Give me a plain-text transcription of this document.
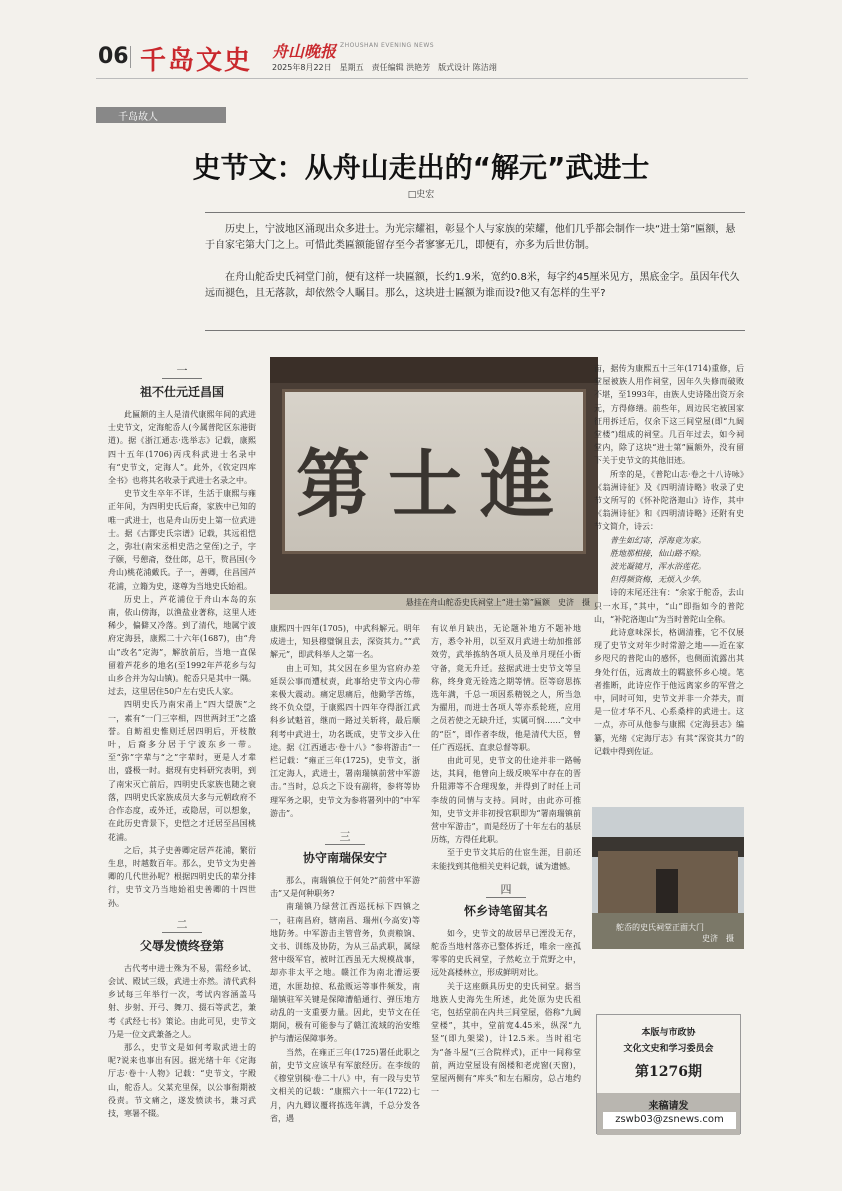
06 千岛文史 舟山晚报 ZHOUSHAN EVENING NEWS
2025年8月22日　星期五　责任编辑 洪艳芳　版式设计 陈洁翊
千岛故人
史节文：从舟山走出的“解元”武进士
□史宏

历史上，宁波地区涌现出众多进士。为光宗耀祖，彰显个人与家族的荣耀，他们几乎都会制作一块“进士第”匾额，悬于自家宅第大门之上。可惜此类匾额能留存至今者寥寥无几，即便有，亦多为后世仿制。

在舟山舵岙史氏祠堂门前，便有这样一块匾额，长约1.9米，宽约0.8米，每字约45厘米见方，黑底金字。虽因年代久远而褪色，且无落款，却依然令人瞩目。那么，这块进士匾额为谁而设?他又有怎样的生平?

一
祖不仕元迁昌国

此匾额的主人是清代康熙年间的武进士史节文，定海舵岙人(今属普陀区东港街道)。据《浙江通志·选举志》记载，康熙四十五年(1706)丙戌科武进士名录中有“史节文，定海人”。此外，《钦定四库全书》也将其名收录于武进士名录之中。

史节文生卒年不详，生活于康熙与雍正年间，为四明史氏后裔，家族中已知的唯一武进士，也是舟山历史上第一位武进士。据《古鄮史氏宗谱》记载，其远祖恺之，弥壮(南宋丞相史浩之堂侄)之子，字子颐，号憩斋，登仕郎，总干，赘昌国(今舟山)桃花浦戴氏。子一，善卿，住昌国芦花浦，立籍为史，遂尊为当地史氏始祖。

历史上，芦花浦位于舟山本岛的东南，依山傍海，以渔盐业著称，这里人迹稀少，偏僻又冷落。到了清代，地属宁波府定海县，康熙二十六年(1687)，由“舟山”改名“定海”，解放前后，当地一直保留着芦花乡的地名(至1992年芦花乡与勾山乡合并为勾山镇)。舵岙只是其中一隅。过去，这里居住50户左右史氏人家。

四明史氏乃南宋甬上“四大望族”之一，素有“一门三宰相，四世两封王”之盛誉。自鲂祖史惟则迁居四明后，开枝散叶，后裔多分居于宁波东乡一带。至“弥”字辈与“之”字辈时，更是人才辈出，盛极一时。据现有史料研究表明，到了南宋灭亡前后，四明史氏家族也随之衰落，四明史氏家族成员大多与元朝政府不合作态度，或外迁，或隐居，可以想象，在此历史背景下，史恺之才迁居至昌国桃花浦。

之后，其子史善卿定居芦花浦，繁衍生息，时越数百年。那么，史节文为史善卿的几代世孙呢？根据四明史氏的辈分排行，史节文乃当地始祖史善卿的十四世孙。

二
父辱发愤终登第

古代考中进士殊为不易，需经乡试、会试、殿试三级，武进士亦然。清代武科乡试每三年举行一次，考试内容涵盖马射、步射、开弓、舞刀、掇石等武艺，兼考《武经七书》策论。由此可见，史节文乃是一位文武兼备之人。

那么，史节文是如何考取武进士的呢?说来也事出有因。据光绪十年《定海厅志·卷十·人物》记载：“史节文，字殿山，舵岙人。父某充里保，以公事衔期被役责。节文痛之，遂发愤读书，兼习武技，寒暑不辍。

第士進
悬挂在舟山舵岙史氏祠堂上“进士第”匾额　史济　摄

康熙四十四年(1705)，中武科解元。明年成进士，知县穆璧铜且去，深资其力。”“武解元”，即武科举人之第一名。

由上可知，其父因在乡里为官府办差延误公事而遭杖责，此事给史节文内心带来极大震动。痛定思痛后，他勤学苦练，终不负众望，于康熙四十四年夺得浙江武科乡试魁首，继而一路过关斩将，最后顺利考中武进士，功名既成，史节文步入仕途。据《江西通志·卷十八》“参将游击”一栏记载：“雍正三年(1725)，史节文，浙江定海人，武进士，署南瑞镇前营中军游击。”当时，总兵之下设有副将，参将等协理军务之职，史节文为参将署列中的“中军游击”。

三
协守南瑞保安宁

那么，南瑞镇位于何处?“前营中军游击”又是何种职务?

南瑞镇乃绿营江西巡抚标下四镇之一，驻南昌府，辖南昌、瑞州(今高安)等地防务。中军游击主管营务，负责粮饷、文书、训练及协防，为从三品武职，属绿营中级军官，被时江西虽无大规模战事，却亦非太平之地。赣江作为南北漕运要道，水匪劫掠、私盐贩运等事件频发，南瑞镇驻军关键是保障漕船通行、弹压地方动乱的一支重要力量。因此，史节文在任期间，极有可能参与了赣江流域的治安维护与漕运保障事务。

当然，在雍正三年(1725)署任此职之前，史节文应该早有军旅经历。在李绂的《穆堂别稿·卷二十八》中，有一段与史节文相关的记载：“康熙六十一年(1722)七月，内九卿议覆将拣选年满，千总分发各省，遇

有议单月缺出，无论题补地方不题补地方，悉令补用，以至双月武进士幼加推部效劳，武举拣纳各项人员及单月现任小衙守备，竟无升迁。兹据武进士史节文等呈称，终身竟无铨选之期等情。臣等窃思拣选年满，千总一项因系精锐之人，所当急为擢用，而进士各项人等亦系轮班，应用之员若使之无缺升迁，实属可悯……”文中的“臣”，即作者李绂，他是清代大臣，曾任广西巡抚、直隶总督等职。

由此可见，史节文的仕途并非一路畅达，其间，他曾向上级反映军中存在的晋升阻滞等不合理现象，并得到了时任上司李绂的同情与支持。同时，由此亦可推知，史节文并非初授官职即为“署南瑞镇前营中军游击”，而是经历了十年左右的基层历练，方得任此职。

至于史节文其后的仕宦生涯，目前还未能找到其他相关史料记载，诚为遗憾。

四
怀乡诗笔留其名

如今，史节文的故居早已湮没无存，舵岙当地村落亦已整体拆迁，唯余一座孤零零的史氏祠堂，子然屹立于荒野之中，远处高楼林立，形成鲜明对比。

关于这座颇具历史的史氏祠堂。据当地族人史海先生所述，此处原为史氏祖宅，包括堂前在内共三间堂屋，俗称“九阔堂楼”，其中，堂前宽4.45米，纵深“九竖”(即九架梁)，计12.5米。当时祖宅为“备斗屋”(三合院样式)，正中一间称堂前，两边堂屋设有阁楼和老虎窗(天窗)，堂屋两侧有“库头”和左右厢房，总占地约一

亩，据传为康熙五十三年(1714)重修，后堂屋被族人用作祠堂，因年久失修而破败不堪，至1993年，由族人史诗隆出资万余元，方得修缮。前些年，周边民宅被国家征用拆迁后，仅余下这三间堂屋(即“九阔堂楼”)组成的祠堂。几百年过去，如今祠堂内，除了这块“进士第”匾额外，没有留下关于史节文的其他旧迹。

所幸的是，《普陀山志·卷之十八诗咏》《翁洲诗征》及《四明清诗略》收录了史节文所写的《怀补陀洛迦山》诗作，其中《翁洲诗征》和《四明清诗略》还附有史节文简介，诗云：

普生如幻寄，浮海竟为家。
胜地那相接，仙山路不赊。
波光凝镜月，浑水浴莲花。
但得频资梅，无烦入少华。

诗的末尾还注有：“余家于舵岙，去山只一水耳，”其中，“山”即指如今的普陀山，“补陀洛迦山”为当时普陀山全称。

此诗意味深长，格调清雅，它不仅展现了史节文对年少时常游之地——近在家乡咫尺的普陀山的感怀，也侧面流露出其身处行伍，远离故土的羁旅怀乡心境。笔者推断，此诗应作于他远离家乡的军营之中，同时可知，史节文并非一介莽夫，而是一位才华不凡、心系桑梓的武进士。这一点，亦可从他参与康熙《定海县志》编纂，光绪《定海厅志》有其“深资其力”的记载中得到佐证。

舵岙的史氏祠堂正面大门
史济　摄
本版与市政协
文化文史和学习委员会
第1276期
来稿请发
zswb03@zsnews.com
